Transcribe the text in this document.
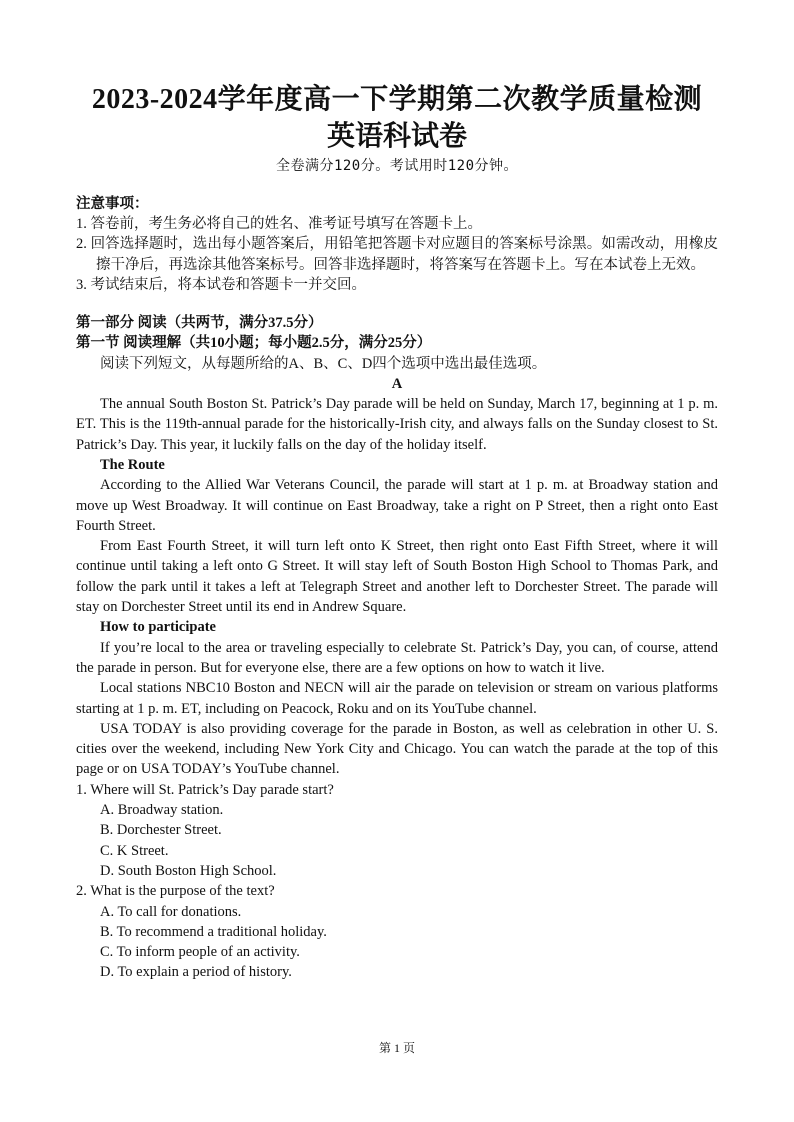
2023-2024学年度高一下学期第二次教学质量检测
英语科试卷
全卷满分120分。考试用时120分钟。
注意事项：
1. 答卷前，考生务必将自己的姓名、准考证号填写在答题卡上。
2. 回答选择题时，选出每小题答案后，用铅笔把答题卡对应题目的答案标号涂黑。如需改动，用橡皮擦干净后，再选涂其他答案标号。回答非选择题时，将答案写在答题卡上。写在本试卷上无效。
3. 考试结束后，将本试卷和答题卡一并交回。
第一部分 阅读（共两节，满分37.5分）
第一节 阅读理解（共10小题；每小题2.5分，满分25分）
阅读下列短文，从每题所给的A、B、C、D四个选项中选出最佳选项。
A
The annual South Boston St. Patrick’s Day parade will be held on Sunday, March 17, beginning at 1 p. m. ET. This is the 119th-annual parade for the historically-Irish city, and always falls on the Sunday closest to St. Patrick’s Day. This year, it luckily falls on the day of the holiday itself.
The Route
According to the Allied War Veterans Council, the parade will start at 1 p. m. at Broadway station and move up West Broadway. It will continue on East Broadway, take a right on P Street, then a right onto East Fourth Street.
From East Fourth Street, it will turn left onto K Street, then right onto East Fifth Street, where it will continue until taking a left onto G Street. It will stay left of South Boston High School to Thomas Park, and follow the park until it takes a left at Telegraph Street and another left to Dorchester Street. The parade will stay on Dorchester Street until its end in Andrew Square.
How to participate
If you’re local to the area or traveling especially to celebrate St. Patrick’s Day, you can, of course, attend the parade in person. But for everyone else, there are a few options on how to watch it live.
Local stations NBC10 Boston and NECN will air the parade on television or stream on various platforms starting at 1 p. m. ET, including on Peacock, Roku and on its YouTube channel.
USA TODAY is also providing coverage for the parade in Boston, as well as celebration in other U. S. cities over the weekend, including New York City and Chicago. You can watch the parade at the top of this page or on USA TODAY’s YouTube channel.
1. Where will St. Patrick’s Day parade start?
A. Broadway station.
B. Dorchester Street.
C. K Street.
D. South Boston High School.
2. What is the purpose of the text?
A. To call for donations.
B. To recommend a traditional holiday.
C. To inform people of an activity.
D. To explain a period of history.
第 1 页
